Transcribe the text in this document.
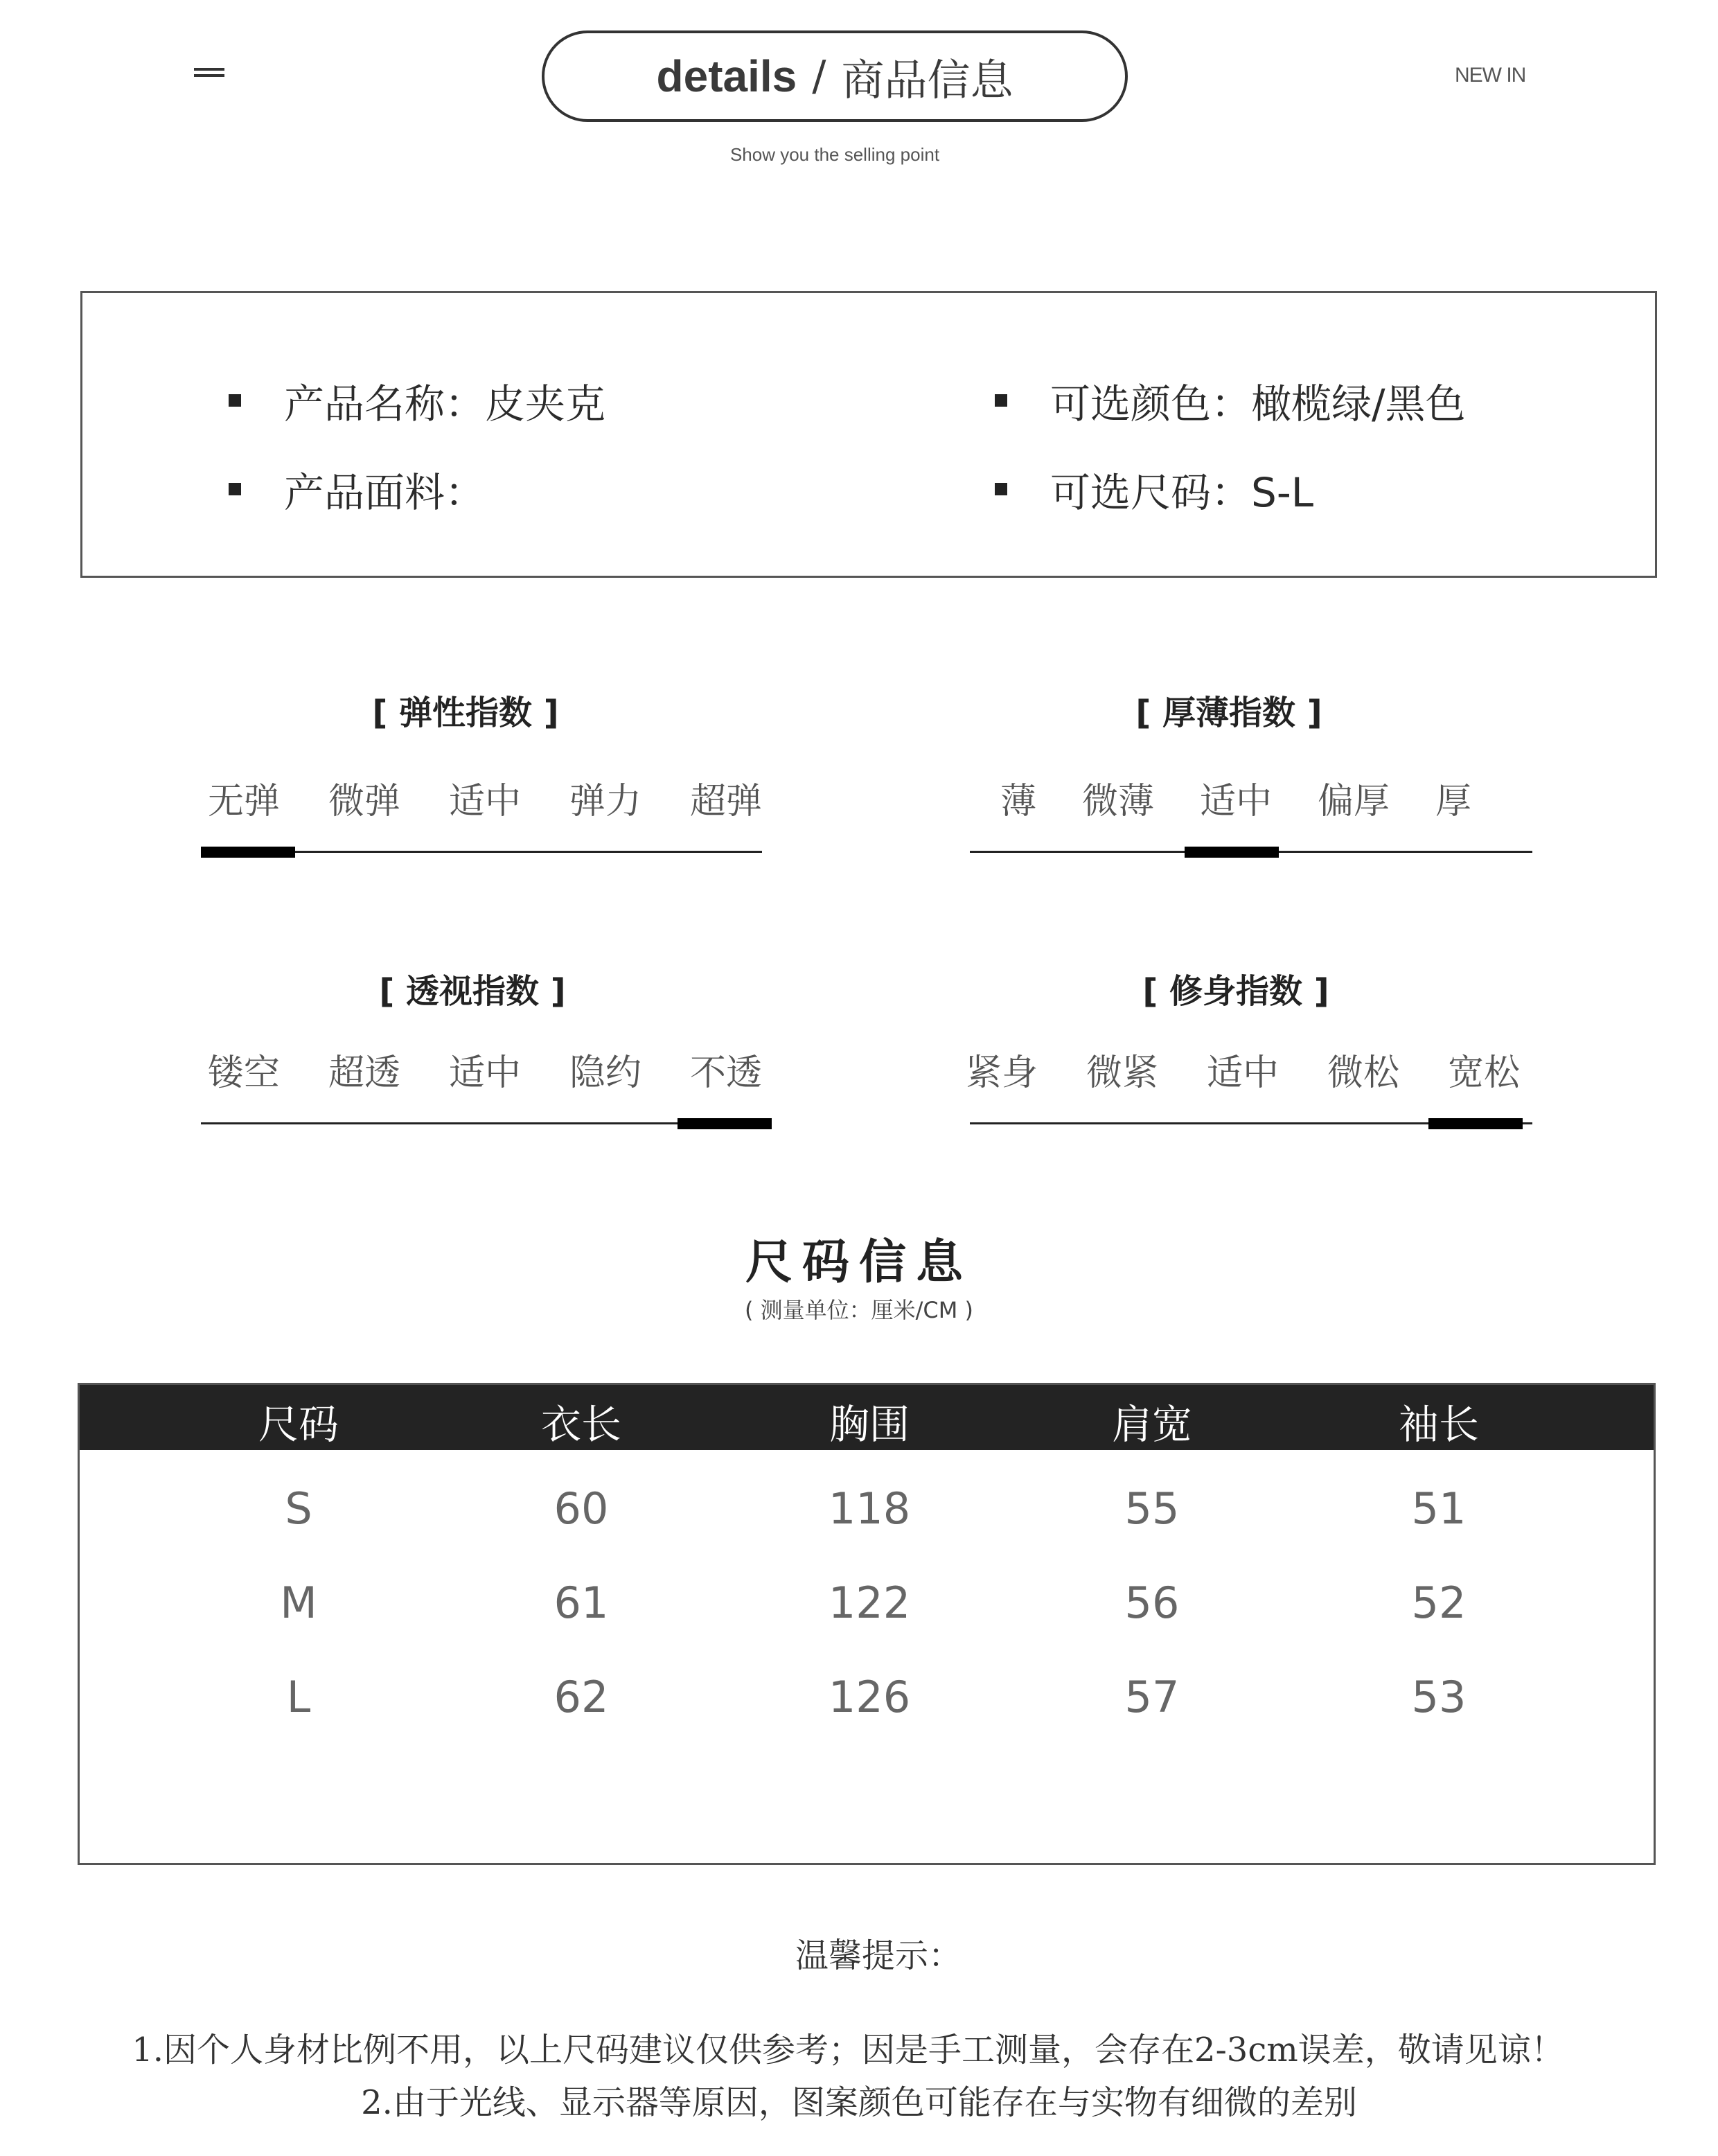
details / 商品信息
Show you the selling point
NEW IN
产品名称：皮夹克
产品面料：
可选颜色：橄榄绿/黑色
可选尺码：S-L
[ 弹性指数 ]
无弹 微弹 适中 弹力 超弹
[ 厚薄指数 ]
薄 微薄 适中 偏厚 厚
[ 透视指数 ]
镂空 超透 适中 隐约 不透
[ 修身指数 ]
紧身 微紧 适中 微松 宽松
尺码信息
( 测量单位：厘米/CM )
尺码	衣长	胸围	肩宽	袖长
S	60	118	55	51
M	61	122	56	52
L	62	126	57	53
温馨提示：
1.因个人身材比例不用，以上尺码建议仅供参考；因是手工测量，会存在2-3cm误差，敬请见谅！
2.由于光线、显示器等原因，图案颜色可能存在与实物有细微的差别
